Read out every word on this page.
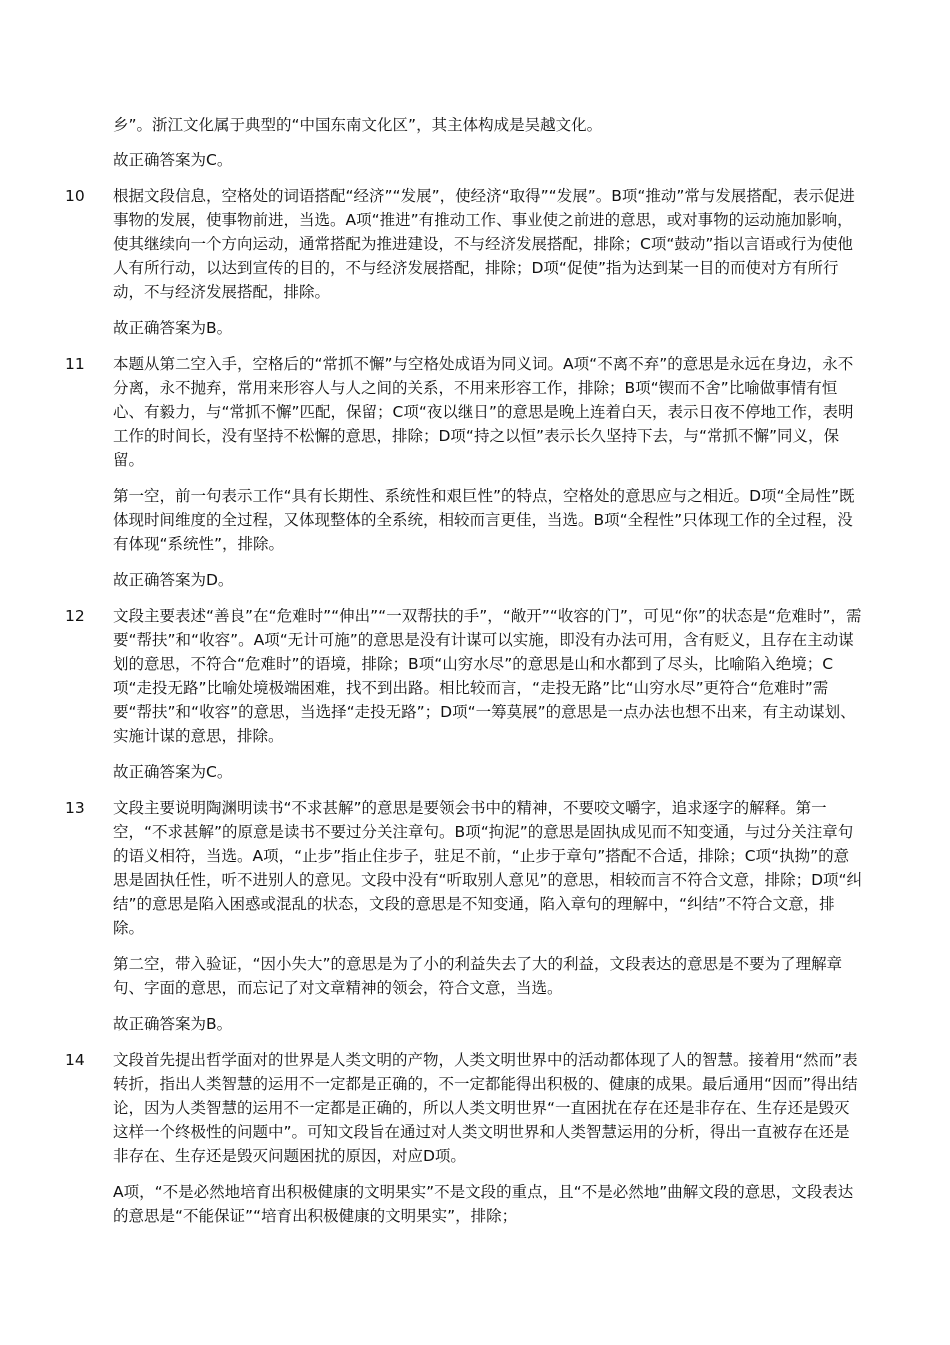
乡”。浙江文化属于典型的“中国东南文化区”，其主体构成是吴越文化。

故正确答案为C。

10 根据文段信息，空格处的词语搭配“经济”“发展”，使经济“取得”“发展”。B项“推动”常与发展搭配，表示促进事物的发展，使事物前进，当选。A项“推进”有推动工作、事业使之前进的意思，或对事物的运动施加影响，使其继续向一个方向运动，通常搭配为推进建设，不与经济发展搭配，排除；C项“鼓动”指以言语或行为使他人有所行动，以达到宣传的目的，不与经济发展搭配，排除；D项“促使”指为达到某一目的而使对方有所行动，不与经济发展搭配，排除。

故正确答案为B。

11 本题从第二空入手，空格后的“常抓不懈”与空格处成语为同义词。A项“不离不弃”的意思是永远在身边，永不分离，永不抛弃，常用来形容人与人之间的关系，不用来形容工作，排除；B项“锲而不舍”比喻做事情有恒心、有毅力，与“常抓不懈”匹配，保留；C项“夜以继日”的意思是晚上连着白天，表示日夜不停地工作，表明工作的时间长，没有坚持不松懈的意思，排除；D项“持之以恒”表示长久坚持下去，与“常抓不懈”同义，保留。

第一空，前一句表示工作“具有长期性、系统性和艰巨性”的特点，空格处的意思应与之相近。D项“全局性”既体现时间维度的全过程，又体现整体的全系统，相较而言更佳，当选。B项“全程性”只体现工作的全过程，没有体现“系统性”，排除。

故正确答案为D。

12 文段主要表述“善良”在“危难时”“伸出”“一双帮扶的手”，“敞开”“收容的门”，可见“你”的状态是“危难时”，需要“帮扶”和“收容”。A项“无计可施”的意思是没有计谋可以实施，即没有办法可用，含有贬义，且存在主动谋划的意思，不符合“危难时”的语境，排除；B项“山穷水尽”的意思是山和水都到了尽头，比喻陷入绝境；C项“走投无路”比喻处境极端困难，找不到出路。相比较而言，“走投无路”比“山穷水尽”更符合“危难时”需要“帮扶”和“收容”的意思，当选择“走投无路”；D项“一筹莫展”的意思是一点办法也想不出来，有主动谋划、实施计谋的意思，排除。

故正确答案为C。

13 文段主要说明陶渊明读书“不求甚解”的意思是要领会书中的精神，不要咬文嚼字，追求逐字的解释。第一空，“不求甚解”的原意是读书不要过分关注章句。B项“拘泥”的意思是固执成见而不知变通，与过分关注章句的语义相符，当选。A项，“止步”指止住步子，驻足不前，“止步于章句”搭配不合适，排除；C项“执拗”的意思是固执任性，听不进别人的意见。文段中没有“听取别人意见”的意思，相较而言不符合文意，排除；D项“纠结”的意思是陷入困惑或混乱的状态，文段的意思是不知变通，陷入章句的理解中，“纠结”不符合文意，排除。

第二空，带入验证，“因小失大”的意思是为了小的利益失去了大的利益，文段表达的意思是不要为了理解章句、字面的意思，而忘记了对文章精神的领会，符合文意，当选。

故正确答案为B。

14 文段首先提出哲学面对的世界是人类文明的产物，人类文明世界中的活动都体现了人的智慧。接着用“然而”表转折，指出人类智慧的运用不一定都是正确的，不一定都能得出积极的、健康的成果。最后通用“因而”得出结论，因为人类智慧的运用不一定都是正确的，所以人类文明世界“一直困扰在存在还是非存在、生存还是毁灭这样一个终极性的问题中”。可知文段旨在通过对人类文明世界和人类智慧运用的分析，得出一直被存在还是非存在、生存还是毁灭问题困扰的原因，对应D项。

A项，“不是必然地培育出积极健康的文明果实”不是文段的重点，且“不是必然地”曲解文段的意思，文段表达的意思是“不能保证”“培育出积极健康的文明果实”，排除；
